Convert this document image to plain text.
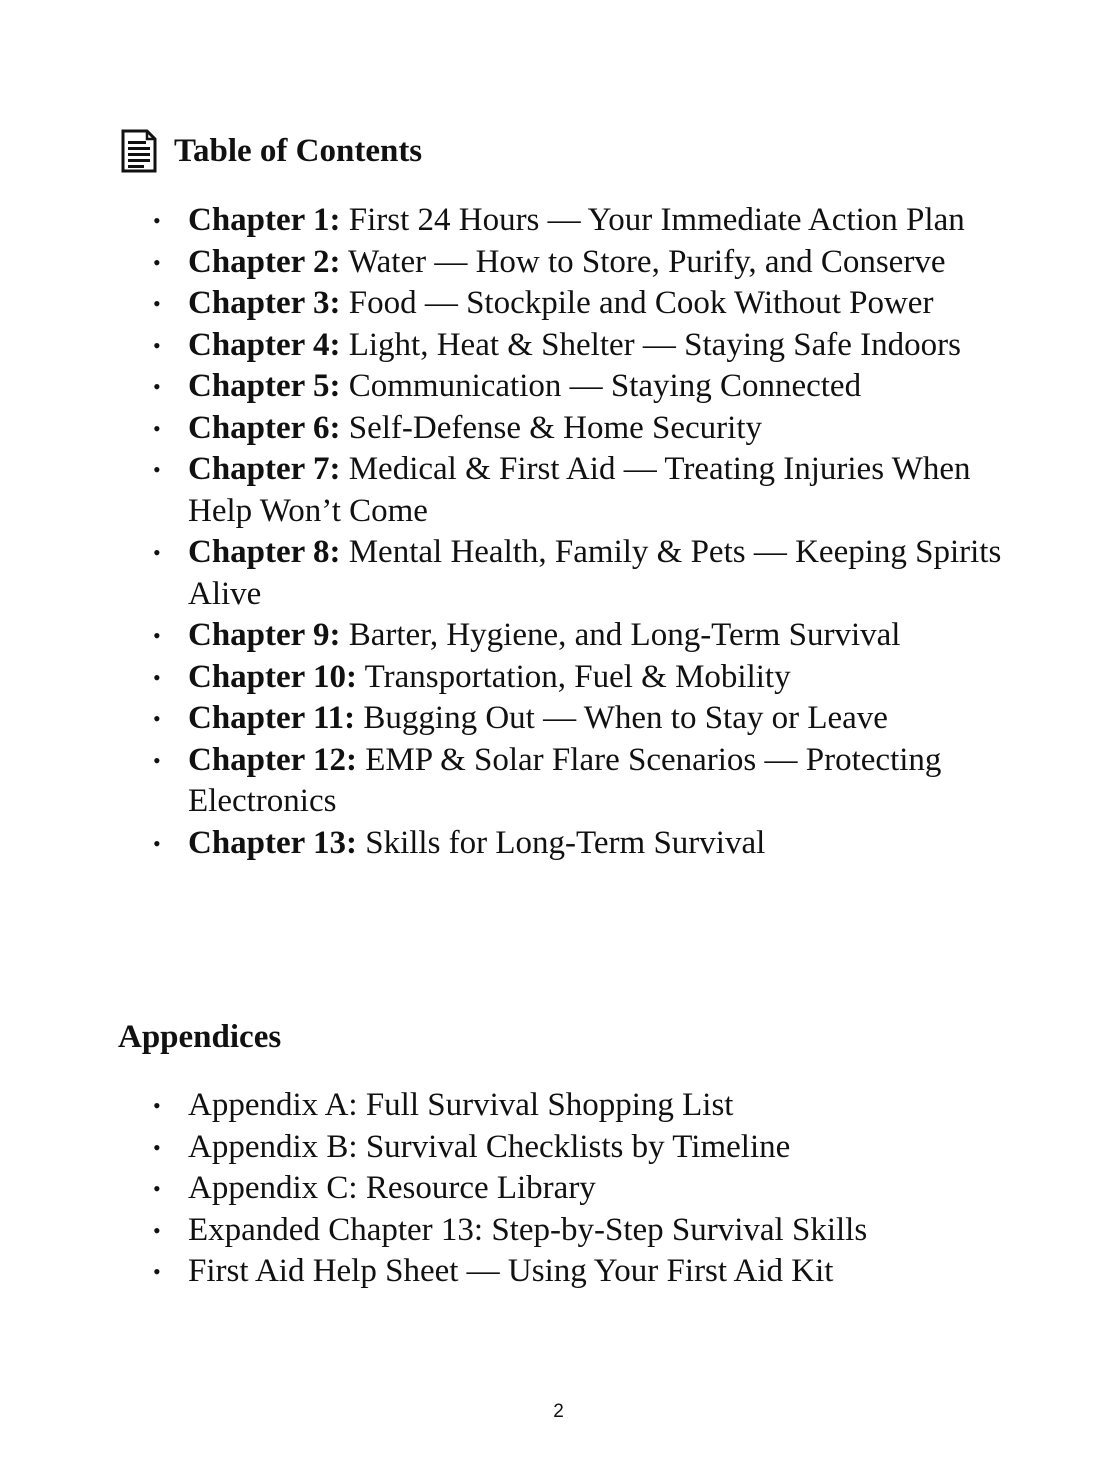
Table of Contents
• Chapter 1: First 24 Hours — Your Immediate Action Plan
• Chapter 2: Water — How to Store, Purify, and Conserve
• Chapter 3: Food — Stockpile and Cook Without Power
• Chapter 4: Light, Heat & Shelter — Staying Safe Indoors
• Chapter 5: Communication — Staying Connected
• Chapter 6: Self-Defense & Home Security
• Chapter 7: Medical & First Aid — Treating Injuries When Help Won’t Come
• Chapter 8: Mental Health, Family & Pets — Keeping Spirits Alive
• Chapter 9: Barter, Hygiene, and Long-Term Survival
• Chapter 10: Transportation, Fuel & Mobility
• Chapter 11: Bugging Out — When to Stay or Leave
• Chapter 12: EMP & Solar Flare Scenarios — Protecting Electronics
• Chapter 13: Skills for Long-Term Survival
Appendices
• Appendix A: Full Survival Shopping List
• Appendix B: Survival Checklists by Timeline
• Appendix C: Resource Library
• Expanded Chapter 13: Step-by-Step Survival Skills
• First Aid Help Sheet — Using Your First Aid Kit
2
